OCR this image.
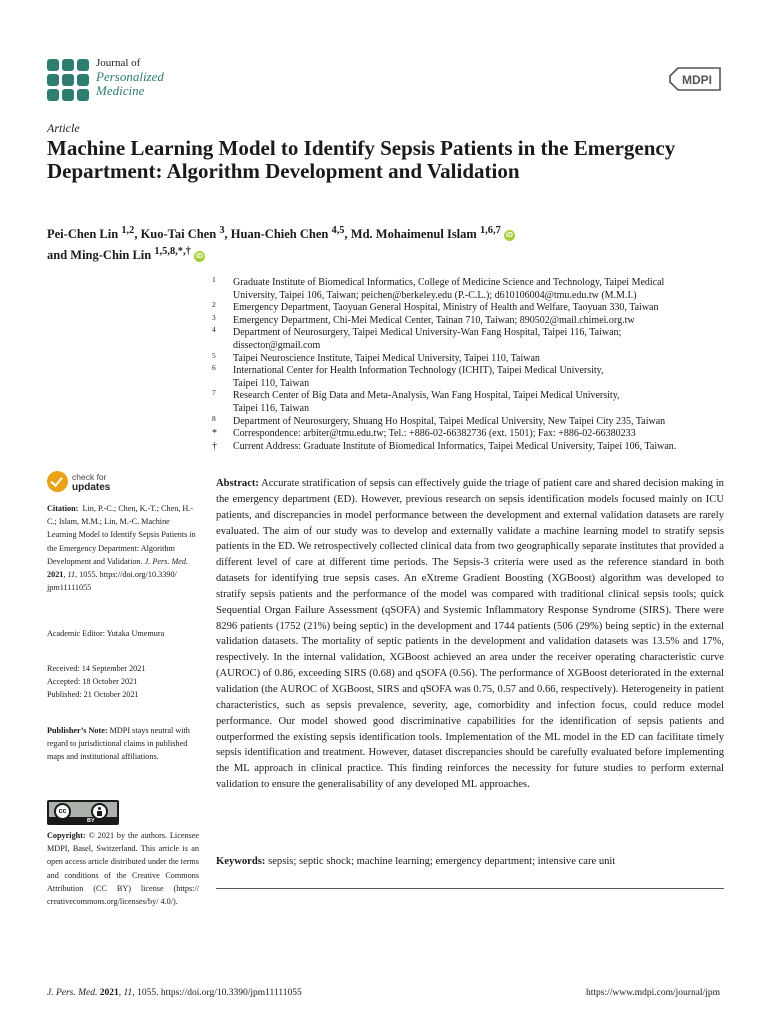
Journal of
Personalized
Medicine
MDPI
Article
Machine Learning Model to Identify Sepsis Patients in the Emergency Department: Algorithm Development and Validation
Pei-Chen Lin $^{1,2}$, Kuo-Tai Chen $^3$, Huan-Chieh Chen $^{4,5}$, Md. Mohaimenul Islam $^{1,6,7}$ iD
and Ming-Chin Lin $^{1,5,8,*,\dagger}$ iD
1 Graduate Institute of Biomedical Informatics, College of Medicine Science and Technology, Taipei Medical
University, Taipei 106, Taiwan; peichen@berkeley.edu (P.-C.L.); d610106004@tmu.edu.tw (M.M.I.)
2 Emergency Department, Taoyuan General Hospital, Ministry of Health and Welfare, Taoyuan 330, Taiwan
3 Emergency Department, Chi-Mei Medical Center, Tainan 710, Taiwan; 890502@mail.chimei.org.tw
4 Department of Neurosurgery, Taipei Medical University-Wan Fang Hospital, Taipei 116, Taiwan;
dissector@gmail.com
5 Taipei Neuroscience Institute, Taipei Medical University, Taipei 110, Taiwan
6 International Center for Health Information Technology (ICHIT), Taipei Medical University,
Taipei 110, Taiwan
7 Research Center of Big Data and Meta-Analysis, Wan Fang Hospital, Taipei Medical University,
Taipei 116, Taiwan
8 Department of Neurosurgery, Shuang Ho Hospital, Taipei Medical University, New Taipei City 235, Taiwan
* Correspondence: arbiter@tmu.edu.tw; Tel.: +886-02-66382736 (ext. 1501); Fax: +886-02-66380233
† Current Address: Graduate Institute of Biomedical Informatics, Taipei Medical University, Taipei 106, Taiwan.
check for
updates
Citation: Lin, P.-C.; Chen, K.-T.; Chen, H.-C.; Islam, M.M.; Lin, M.-C. Machine Learning Model to Identify Sepsis Patients in the Emergency Department: Algorithm Development and Validation. J. Pers. Med. 2021, 11, 1055. https://doi.org/10.3390/ jpm11111055
Academic Editor: Yutaka Umemura
Received: 14 September 2021
Accepted: 18 October 2021
Published: 21 October 2021
Publisher’s Note: MDPI stays neutral with regard to jurisdictional claims in published maps and institutional affiliations.
cc
BY
Copyright: © 2021 by the authors. Licensee MDPI, Basel, Switzerland. This article is an open access article distributed under the terms and conditions of the Creative Commons Attribution (CC BY) license (https:// creativecommons.org/licenses/by/ 4.0/).
Abstract: Accurate stratification of sepsis can effectively guide the triage of patient care and shared decision making in the emergency department (ED). However, previous research on sepsis identification models focused mainly on ICU patients, and discrepancies in model performance between the development and external validation datasets are rarely evaluated. The aim of our study was to develop and externally validate a machine learning model to stratify sepsis patients in the ED. We retrospectively collected clinical data from two geographically separate institutes that provided a different level of care at different time periods. The Sepsis-3 criteria were used as the reference standard in both datasets for identifying true sepsis cases. An eXtreme Gradient Boosting (XGBoost) algorithm was developed to stratify sepsis patients and the performance of the model was compared with traditional clinical sepsis tools; quick Sequential Organ Failure Assessment (qSOFA) and Systemic Inflammatory Response Syndrome (SIRS). There were 8296 patients (1752 (21%) being septic) in the development and 1744 patients (506 (29%) being septic) in the external validation datasets. The mortality of septic patients in the development and validation datasets was 13.5% and 17%, respectively. In the internal validation, XGBoost achieved an area under the receiver operating characteristic curve (AUROC) of 0.86, exceeding SIRS (0.68) and qSOFA (0.56). The performance of XGBoost deteriorated in the external validation (the AUROC of XGBoost, SIRS and qSOFA was 0.75, 0.57 and 0.66, respectively). Heterogeneity in patient characteristics, such as sepsis prevalence, severity, age, comorbidity and infection focus, could reduce model performance. Our model showed good discriminative capabilities for the identification of sepsis patients and outperformed the existing sepsis identification tools. Implementation of the ML model in the ED can facilitate timely sepsis identification and treatment. However, dataset discrepancies should be carefully evaluated before implementing the ML approach in clinical practice. This finding reinforces the necessity for future studies to perform external validation to ensure the generalisability of any developed ML approaches.
Keywords: sepsis; septic shock; machine learning; emergency department; intensive care unit
J. Pers. Med. 2021, 11, 1055. https://doi.org/10.3390/jpm11111055	https://www.mdpi.com/journal/jpm
